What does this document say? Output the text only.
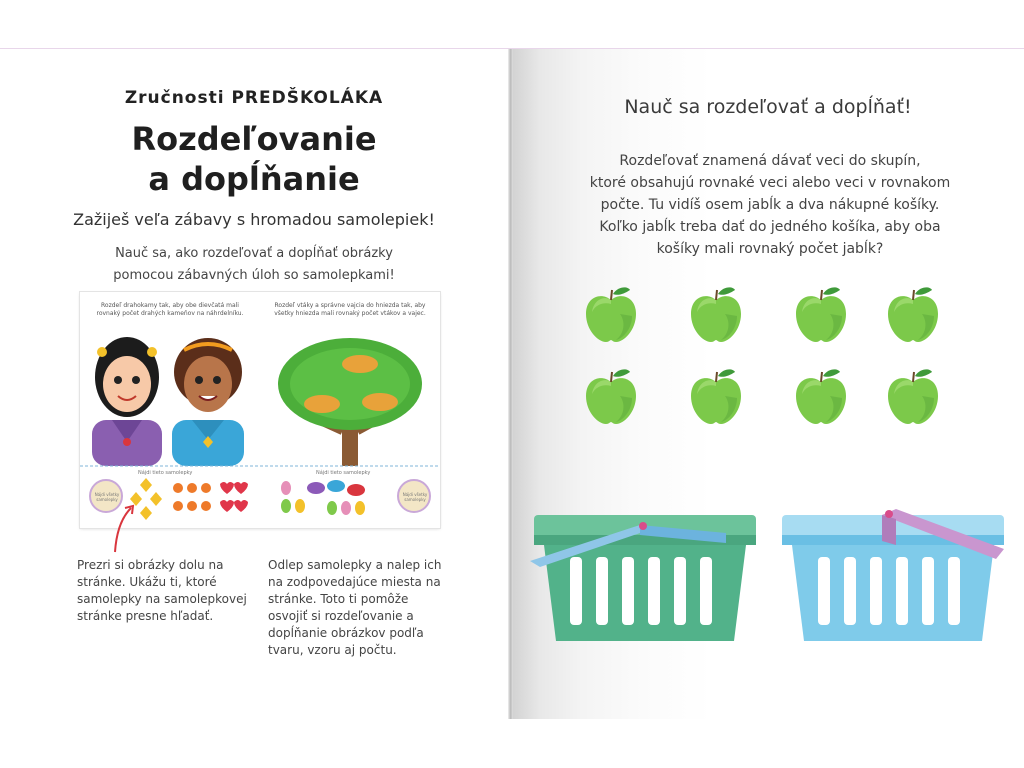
Zručnosti PREDŠKOLÁKA
Rozdeľovanie
a dopĺňanie
Zažiješ veľa zábavy s hromadou samolepiek!
Nauč sa, ako rozdeľovať a dopĺňať obrázky
pomocou zábavných úloh so samolepkami!
Rozdeľ drahokamy tak, aby obe dievčatá mali rovnaký počet drahých kameňov na náhrdelníku.
Rozdeľ vtáky a správne vajcia do hniezda tak, aby všetky hniezda mali rovnaký počet vtákov a vajec.
Nájdi tieto samolepky	Nájdi tieto samolepky
Nájdi všetky samolepky
Nájdi všetky samolepky
Prezri si obrázky dolu na stránke. Ukážu ti, ktoré samolepky na samolepkovej stránke presne hľadať.
Odlep samolepky a nalep ich na zodpovedajúce miesta na stránke. Toto ti pomôže osvojiť si rozdeľovanie a dopĺňanie obrázkov podľa tvaru, vzoru aj počtu.
Nauč sa rozdeľovať a dopĺňať!
Rozdeľovať znamená dávať veci do skupín,
ktoré obsahujú rovnaké veci alebo veci v rovnakom
počte. Tu vidíš osem jabĺk a dva nákupné košíky.
Koľko jabĺk treba dať do jedného košíka, aby oba
košíky mali rovnaký počet jabĺk?
